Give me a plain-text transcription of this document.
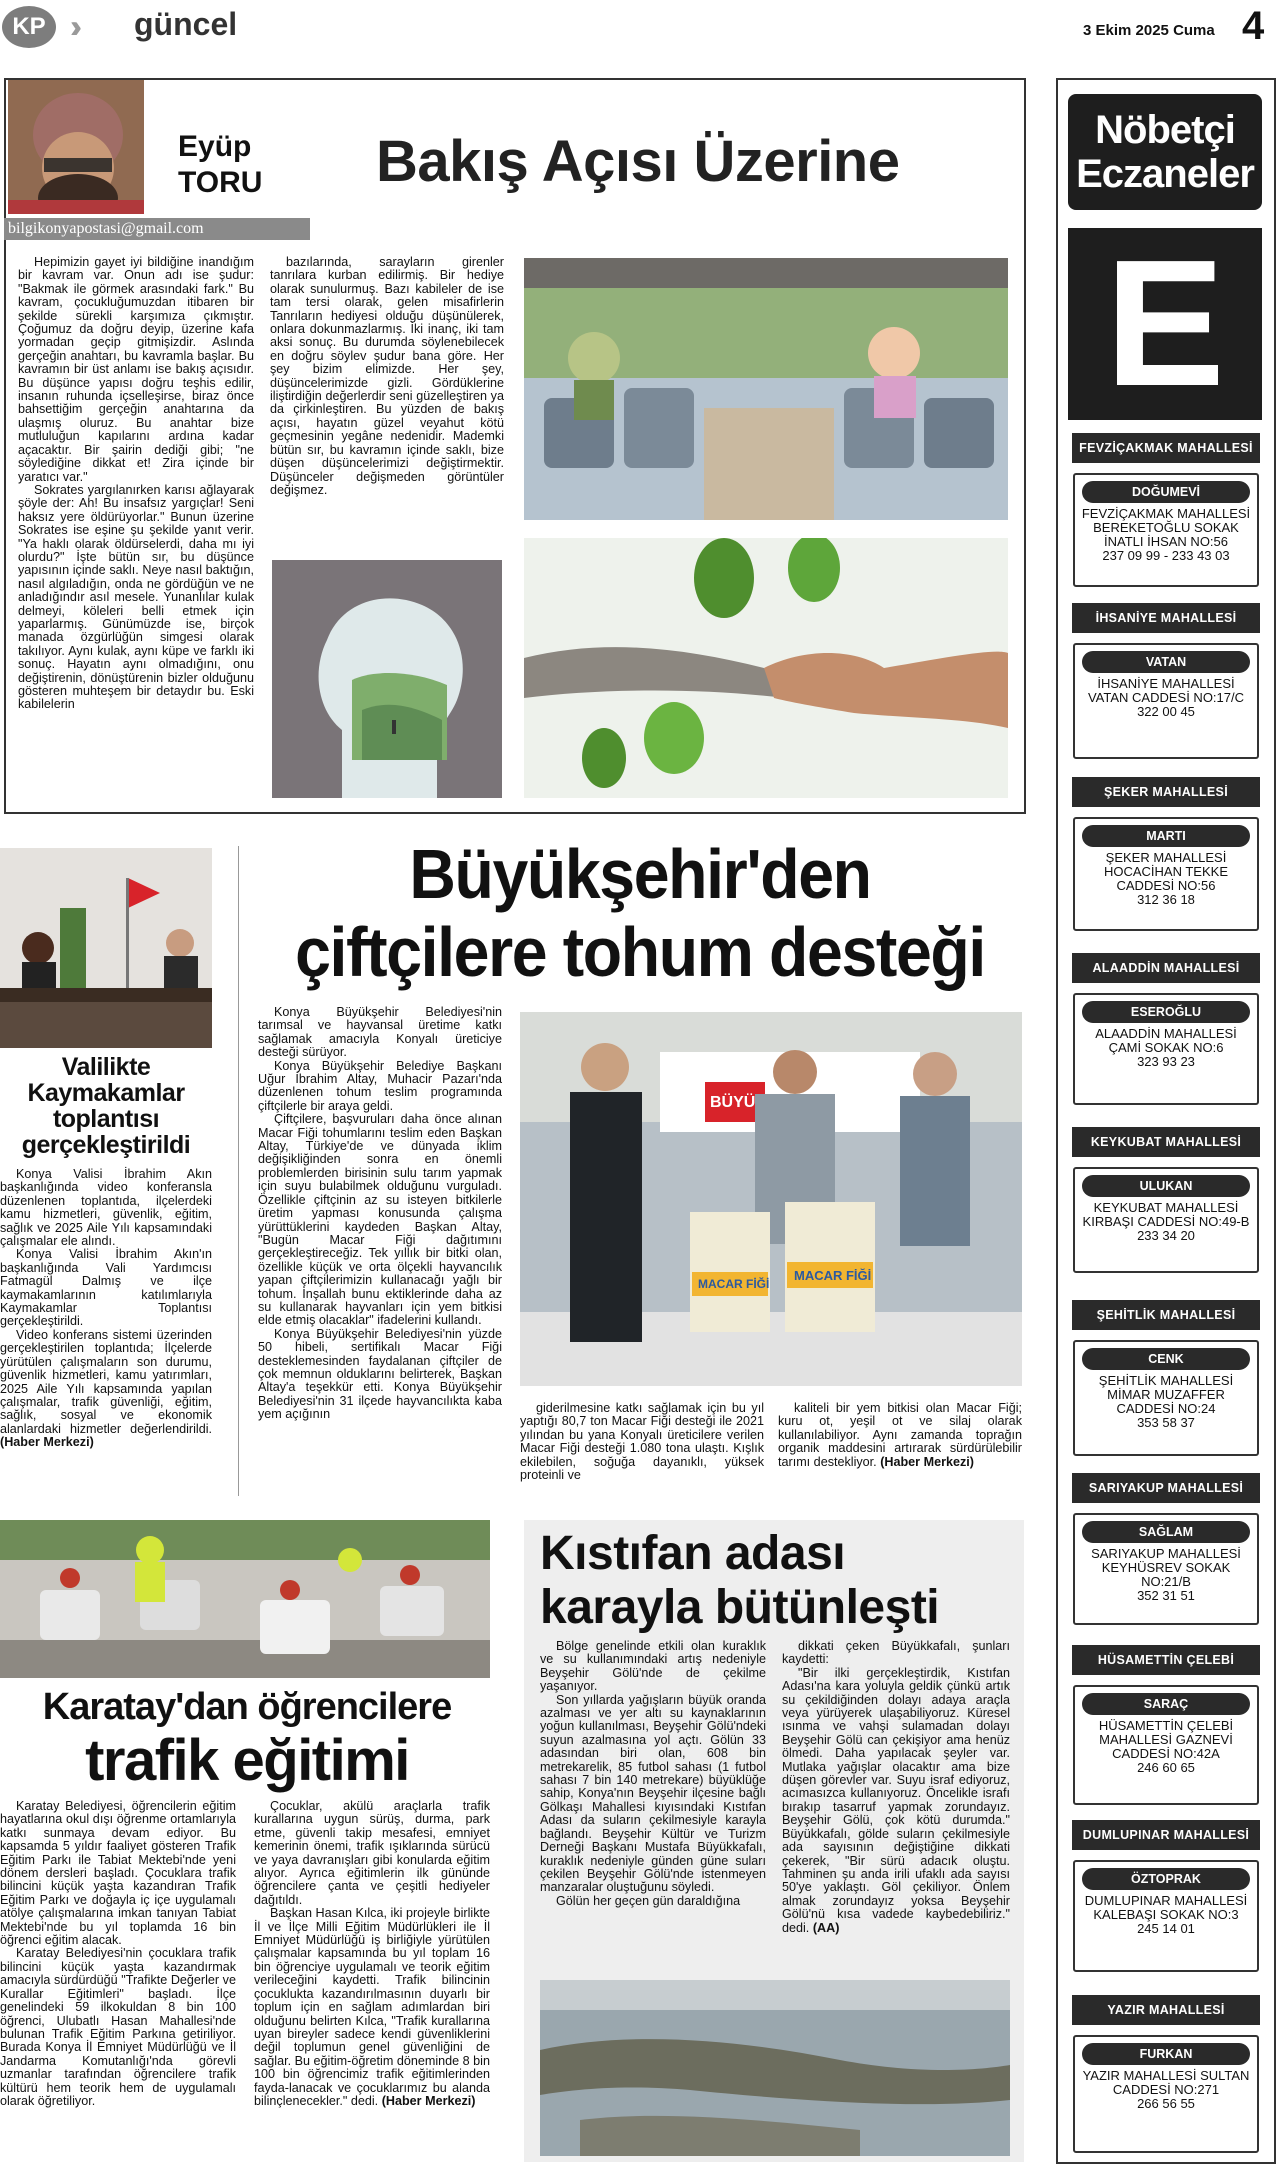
KP ››› güncel	3 Ekim 2025 Cuma 4
Eyüp
TORU
bilgikonyapostasi@gmail.com
Bakış Açısı Üzerine

Hepimizin gayet iyi bildiğine inandığım bir kavram var. Onun adı ise şudur: "Bakmak ile görmek arasındaki fark." Bu kavram, çocukluğumuzdan itibaren bir şekilde sürekli karşımıza çıkmıştır. Çoğumuz da doğru deyip, üzerine kafa yormadan geçip gitmişizdir. Aslında gerçeğin anahtarı, bu kavramla başlar. Bu kavramın bir üst anlamı ise bakış açısıdır. Bu düşünce yapısı doğru teşhis edilir, insanın ruhunda içselleşirse, biraz önce bahsettiğim gerçeğin anahtarına da ulaşmış oluruz. Bu anahtar bize mutluluğun kapılarını ardına kadar açacaktır. Bir şairin dediği gibi; "ne söylediğine dikkat et! Zira içinde bir yaratıcı var."

Sokrates yargılanırken karısı ağlayarak şöyle der: Ah! Bu insafsız yargıçlar! Seni haksız yere öldürüyorlar." Bunun üzerine Sokrates ise eşine şu şekilde yanıt verir. "Ya haklı olarak öldürselerdi, daha mı iyi olurdu?" İşte bütün sır, bu düşünce yapısının içinde saklı. Neye nasıl baktığın, nasıl algıladığın, onda ne gördüğün ve ne anladığındır asıl mesele. Yunanlılar kulak delmeyi, köleleri belli etmek için yaparlarmış. Günümüzde ise, birçok manada özgürlüğün simgesi olarak takılıyor. Aynı kulak, aynı küpe ve farklı iki sonuç. Hayatın aynı olmadığını, onu değiştirenin, dönüştürenin bizler olduğunu gösteren muhteşem bir detaydır bu. Eski kabilelerin

bazılarında, sarayların girenler tanrılara kurban edilirmiş. Bir hediye olarak sunulurmuş. Bazı kabileler de ise tam tersi olarak, gelen misafirlerin Tanrıların hediyesi olduğu düşünülerek, onlara dokunmazlarmış. İki inanç, iki tam aksi sonuç. Bu durumda söylenebilecek en doğru söylev şudur bana göre. Her şey bizim elimizde. Her şey, düşüncelerimizde gizli. Gördüklerine iliştirdiğin değerlerdir seni güzelleştiren ya da çirkinleştiren. Bu yüzden de bakış açısı, hayatın güzel veyahut kötü geçmesinin yegâne nedenidir. Mademki bütün sır, bu kavramın içinde saklı, bize düşen düşüncelerimizi değiştirmektir. Düşünceler değişmeden görüntüler değişmez.

Valilikte Kaymakamlar toplantısı gerçekleştirildi

Konya Valisi İbrahim Akın başkanlığında video konferansla düzenlenen toplantıda, ilçelerdeki kamu hizmetleri, güvenlik, eğitim, sağlık ve 2025 Aile Yılı kapsamındaki çalışmalar ele alındı.

Konya Valisi İbrahim Akın'ın başkanlığında Vali Yardımcısı Fatmagül Dalmış ve ilçe kaymakamlarının katılımlarıyla Kaymakamlar Toplantısı gerçekleştirildi.

Video konferans sistemi üzerinden gerçekleştirilen toplantıda; İlçelerde yürütülen çalışmaların son durumu, güvenlik hizmetleri, kamu yatırımları, 2025 Aile Yılı kapsamında yapılan çalışmalar, trafik güvenliği, eğitim, sağlık, sosyal ve ekonomik alanlardaki hizmetler değerlendirildi. (Haber Merkezi)

Büyükşehir'den
çiftçilere tohum desteği

Konya Büyükşehir Belediyesi'nin tarımsal ve hayvansal üretime katkı sağlamak amacıyla Konyalı üreticiye desteği sürüyor.

Konya Büyükşehir Belediye Başkanı Uğur İbrahim Altay, Muhacir Pazarı'nda düzenlenen tohum teslim programında çiftçilerle bir araya geldi.

Çiftçilere, başvuruları daha önce alınan Macar Fiği tohumlarını teslim eden Başkan Altay, Türkiye'de ve dünyada iklim değişikliğinden sonra en önemli problemlerden birisinin sulu tarım yapmak için suyu bulabilmek olduğunu vurguladı. Özellikle çiftçinin az su isteyen bitkilerle üretim yapması konusunda çalışma yürüttüklerini kaydeden Başkan Altay, "Bugün Macar Fiği dağıtımını gerçekleştireceğiz. Tek yıllık bir bitki olan, özellikle küçük ve orta ölçekli hayvancılık yapan çiftçilerimizin kullanacağı yağlı bir tohum. İnşallah bunu ektiklerinde daha az su kullanarak hayvanları için yem bitkisi elde etmiş olacaklar" ifadelerini kullandı.

Konya Büyükşehir Belediyesi'nin yüzde 50 hibeli, sertifikalı Macar Fiği desteklemesinden faydalanan çiftçiler de çok memnun olduklarını belirterek, Başkan Altay'a teşekkür etti. Konya Büyükşehir Belediyesi'nin 31 ilçede hayvancılıkta kaba yem açığının

BÜYÜ
MACAR FİĞİ
MACAR FİĞİ

giderilmesine katkı sağlamak için bu yıl yaptığı 80,7 ton Macar Fiği desteği ile 2021 yılından bu yana Konyalı üreticilere verilen Macar Fiği desteği 1.080 tona ulaştı. Kışlık ekilebilen, soğuğa dayanıklı, yüksek proteinli ve

kaliteli bir yem bitkisi olan Macar Fiği; kuru ot, yeşil ot ve silaj olarak kullanılabiliyor. Aynı zamanda toprağın organik maddesini artırarak sürdürülebilir tarımı destekliyor. (Haber Merkezi)

Karatay'dan öğrencilere
trafik eğitimi

Karatay Belediyesi, öğrencilerin eğitim hayatlarına okul dışı öğrenme ortamlarıyla katkı sunmaya devam ediyor. Bu kapsamda 5 yıldır faaliyet gösteren Trafik Eğitim Parkı ile Tabiat Mektebi'nde yeni dönem dersleri başladı. Çocuklara trafik bilincini küçük yaşta kazandıran Trafik Eğitim Parkı ve doğayla iç içe uygulamalı atölye çalışmalarına imkan tanıyan Tabiat Mektebi'nde bu yıl toplamda 16 bin öğrenci eğitim alacak.

Karatay Belediyesi'nin çocuklara trafik bilincini küçük yaşta kazandırmak amacıyla sürdürdüğü "Trafikte Değerler ve Kurallar Eğitimleri" başladı. İlçe genelindeki 59 ilkokuldan 8 bin 100 öğrenci, Ulubatlı Hasan Mahallesi'nde bulunan Trafik Eğitim Parkına getiriliyor. Burada Konya İl Emniyet Müdürlüğü ve İl Jandarma Komutanlığı'nda görevli uzmanlar tarafından öğrencilere trafik kültürü hem teorik hem de uygulamalı olarak öğretiliyor.

Çocuklar, akülü araçlarla trafik kurallarına uygun sürüş, durma, park etme, güvenli takip mesafesi, emniyet kemerinin önemi, trafik ışıklarında sürücü ve yaya davranışları gibi konularda eğitim alıyor. Ayrıca eğitimlerin ilk gününde öğrencilere çanta ve çeşitli hediyeler dağıtıldı.

Başkan Hasan Kılca, iki projeyle birlikte İl ve İlçe Milli Eğitim Müdürlükleri ile İl Emniyet Müdürlüğü iş birliğiyle yürütülen çalışmalar kapsamında bu yıl toplam 16 bin öğrenciye uygulamalı ve teorik eğitim verileceğini kaydetti. Trafik bilincinin çocuklukta kazandırılmasının duyarlı bir toplum için en sağlam adımlardan biri olduğunu belirten Kılca, "Trafik kurallarına uyan bireyler sadece kendi güvenliklerini değil toplumun genel güvenliğini de sağlar. Bu eğitim-öğretim döneminde 8 bin 100 bin öğrencimiz trafik eğitimlerinden fayda-lanacak ve çocuklarımız bu alanda bilinçlenecekler." dedi. (Haber Merkezi)

Kıstıfan adası
karayla bütünleşti

Bölge genelinde etkili olan kuraklık ve su kullanımındaki artış nedeniyle Beyşehir Gölü'nde de çekilme yaşanıyor.

Son yıllarda yağışların büyük oranda azalması ve yer altı su kaynaklarının yoğun kullanılması, Beyşehir Gölü'ndeki suyun azalmasına yol açtı. Gölün 33 adasından biri olan, 608 bin metrekarelik, 85 futbol sahası (1 futbol sahası 7 bin 140 metrekare) büyüklüğe sahip, Konya'nın Beyşehir ilçesine bağlı Gölkaşı Mahallesi kıyısındaki Kıstıfan Adası da suların çekilmesiyle karayla bağlandı. Beyşehir Kültür ve Turizm Derneği Başkanı Mustafa Büyükkafalı, kuraklık nedeniyle günden güne suları çekilen Beyşehir Gölü'nde istenmeyen manzaralar oluştuğunu söyledi.

Gölün her geçen gün daraldığına

dikkati çeken Büyükkafalı, şunları kaydetti:

"Bir ilki gerçekleştirdik, Kıstıfan Adası'na kara yoluyla geldik çünkü artık su çekildiğinden dolayı adaya araçla veya yürüyerek ulaşabiliyoruz. Küresel ısınma ve vahşi sulamadan dolayı Beyşehir Gölü can çekişiyor ama henüz ölmedi. Daha yapılacak şeyler var. Mutlaka yağışlar olacaktır ama bize düşen görevler var. Suyu israf ediyoruz, acımasızca kullanıyoruz. Öncelikle israfı bırakıp tasarruf yapmak zorundayız. Beyşehir Gölü, çok kötü durumda." Büyükkafalı, gölde suların çekilmesiyle ada sayısının değiştiğine dikkati çekerek, "Bir sürü adacık oluştu. Tahminen şu anda irili ufaklı ada sayısı 50'ye yaklaştı. Göl çekiliyor. Önlem almak zorundayız yoksa Beyşehir Gölü'nü kısa vadede kaybedebiliriz." dedi. (AA)

Nöbetçi
Eczaneler
E
FEVZİÇAKMAK MAHALLESİ
DOĞUMEVİ
FEVZİÇAKMAK MAHALLESİ BEREKETOĞLU SOKAK İNATLI İHSAN NO:56
237 09 99 - 233 43 03
İHSANİYE MAHALLESİ
VATAN
İHSANİYE MAHALLESİ VATAN CADDESİ NO:17/C
322 00 45
ŞEKER MAHALLESİ
MARTI
ŞEKER MAHALLESİ HOCACİHAN TEKKE CADDESİ NO:56
312 36 18
ALAADDİN MAHALLESİ
ESEROĞLU
ALAADDİN MAHALLESİ ÇAMİ SOKAK NO:6
323 93 23
KEYKUBAT MAHALLESİ
ULUKAN
KEYKUBAT MAHALLESİ KIRBAŞI CADDESİ NO:49-B
233 34 20
ŞEHİTLİK MAHALLESİ
CENK
ŞEHİTLİK MAHALLESİ MİMAR MUZAFFER CADDESİ NO:24
353 58 37
SARIYAKUP MAHALLESİ
SAĞLAM
SARIYAKUP MAHALLESİ KEYHÜSREV SOKAK NO:21/B
352 31 51
HÜSAMETTİN ÇELEBİ
SARAÇ
HÜSAMETTİN ÇELEBİ MAHALLESİ GAZNEVİ CADDESİ NO:42A
246 60 65
DUMLUPINAR MAHALLESİ
ÖZTOPRAK
DUMLUPINAR MAHALLESİ KALEBAŞI SOKAK NO:3
245 14 01
YAZIR MAHALLESİ
FURKAN
YAZIR MAHALLESİ SULTAN CADDESİ NO:271
266 56 55
